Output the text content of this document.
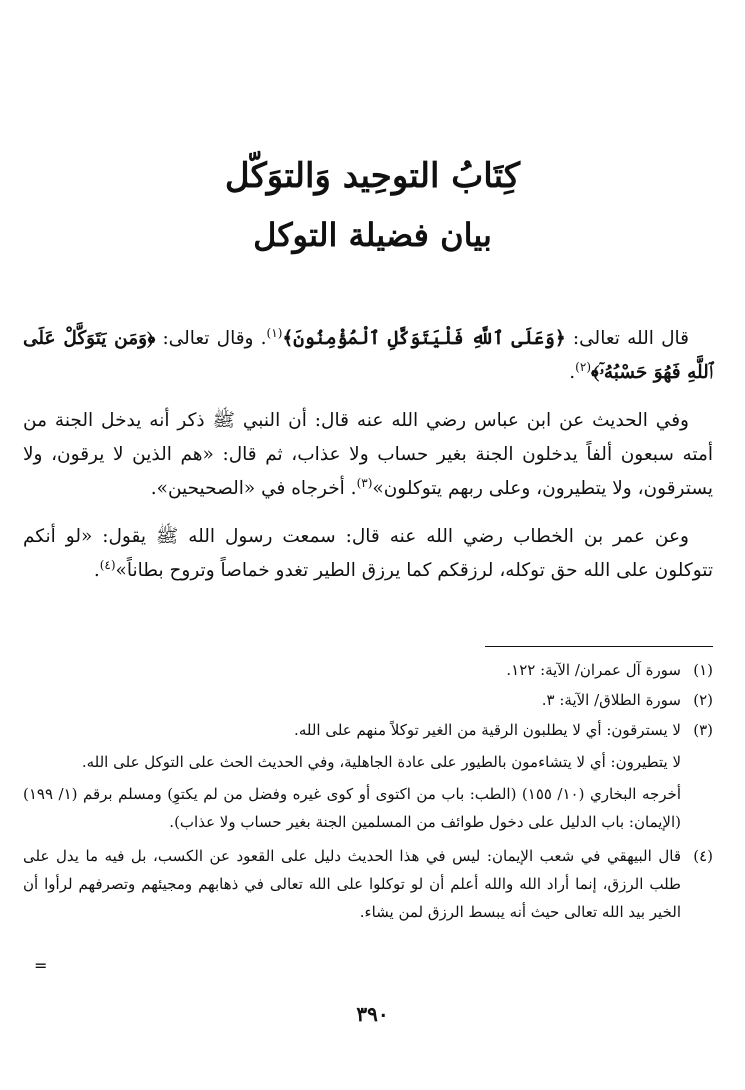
كِتَابُ التوحِيد وَالتوَكّل
بيان فضيلة التوكل

قال الله تعالى: ﴿وَعَلَى ٱللَّهِ فَلْيَتَوَكَّلِ ٱلْمُؤْمِنُونَ﴾$^{(١)}$. وقال تعالى: ﴿وَمَن يَتَوَكَّلْ عَلَى ٱللَّهِ فَهُوَ حَسْبُهُۥٓ﴾$^{(٢)}$.

وفي الحديث عن ابن عباس رضي الله عنه قال: أن النبي ﷺ ذكر أنه يدخل الجنة من أمته سبعون ألفاً يدخلون الجنة بغير حساب ولا عذاب، ثم قال: «هم الذين لا يرقون، ولا يسترقون، ولا يتطيرون، وعلى ربهم يتوكلون»$^{(٣)}$. أخرجاه في «الصحيحين».

وعن عمر بن الخطاب رضي الله عنه قال: سمعت رسول الله ﷺ يقول: «لو أنكم تتوكلون على الله حق توكله، لرزقكم كما يرزق الطير تغدو خماصاً وتروح بطاناً»$^{(٤)}$.

(١)
سورة آل عمران/ الآية: ١٢٢.
(٢)
سورة الطلاق/ الآية: ٣.
(٣)
لا يسترقون: أي لا يطلبون الرقية من الغير توكلاً منهم على الله.
لا يتطيرون: أي لا يتشاءمون بالطيور على عادة الجاهلية، وفي الحديث الحث على التوكل على الله.
أخرجه البخاري (١٠/ ١٥٥) (الطب: باب من اكتوى أو كوى غيره وفضل من لم يكتوِ) ومسلم برقم (١/ ١٩٩) (الإيمان: باب الدليل على دخول طوائف من المسلمين الجنة بغير حساب ولا عذاب).
(٤)
قال البيهقي في شعب الإيمان: ليس في هذا الحديث دليل على القعود عن الكسب، بل فيه ما يدل على طلب الرزق، إنما أراد الله والله أعلم أن لو توكلوا على الله تعالى في ذهابهم ومجيئهم وتصرفهم لرأوا أن الخير بيد الله تعالى حيث أنه يبسط الرزق لمن يشاء.
=
٣٩٠
